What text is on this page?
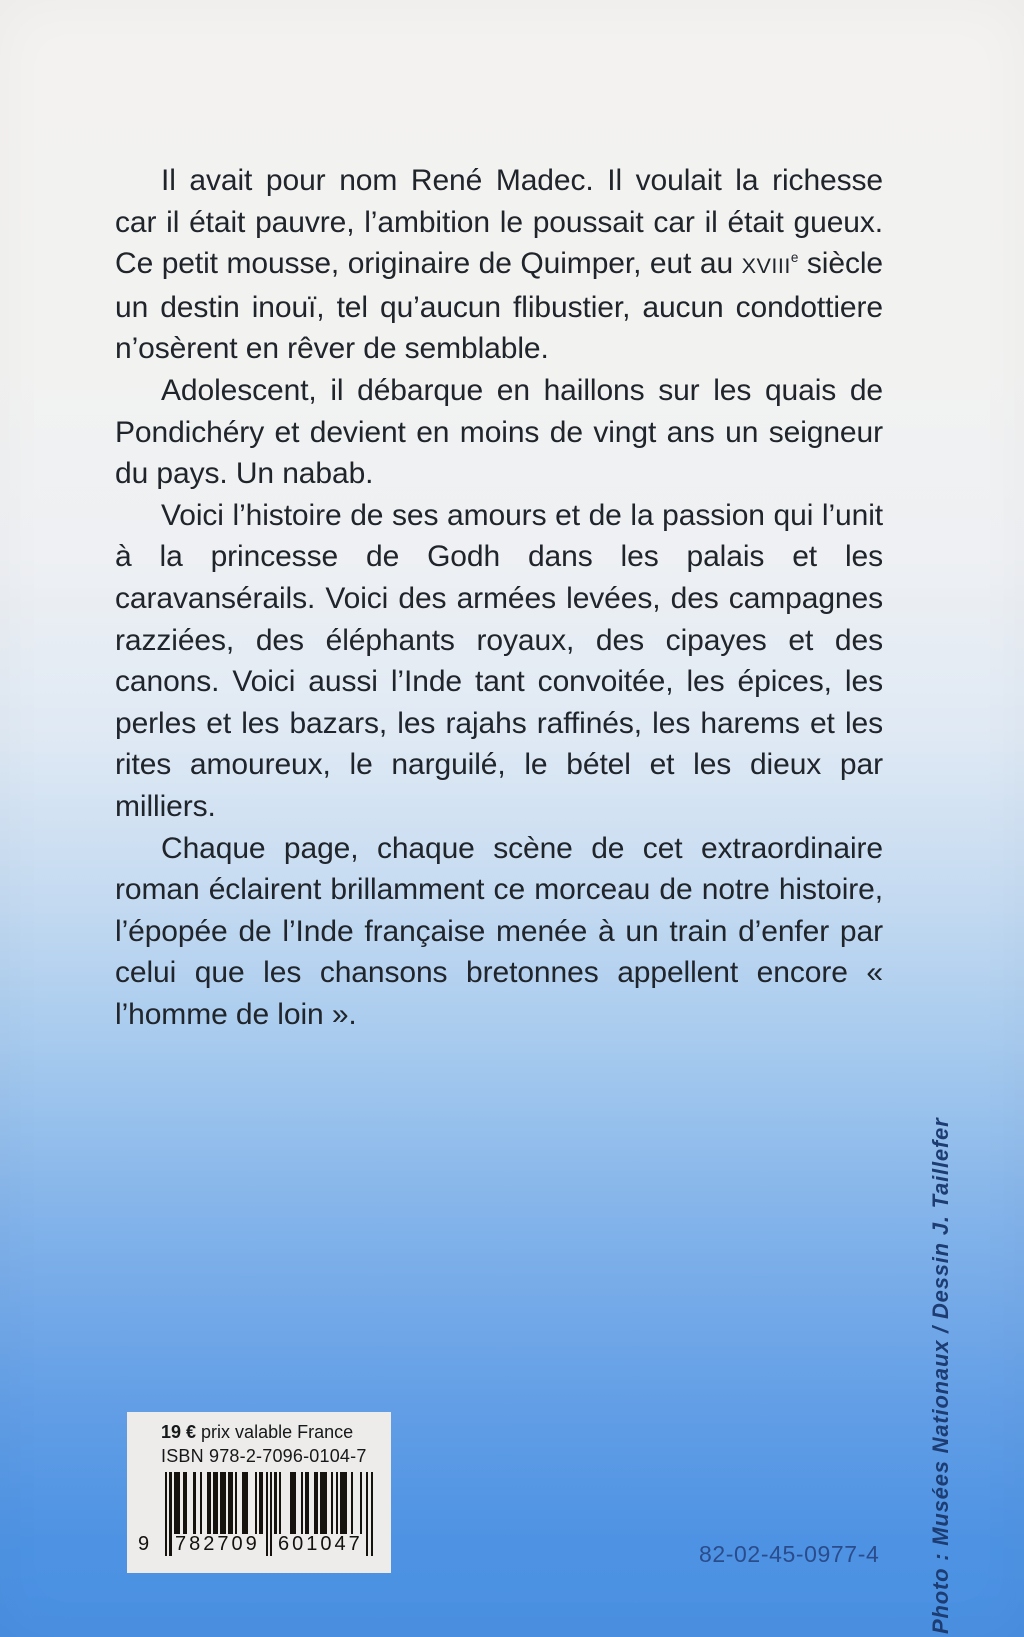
Il avait pour nom René Madec. Il voulait la richesse car il était pauvre, l’ambition le poussait car il était gueux. Ce petit mousse, originaire de Quimper, eut au XVIIIe siècle un destin inouï, tel qu’aucun flibustier, aucun condottiere n’osèrent en rêver de semblable.

Adolescent, il débarque en haillons sur les quais de Pondichéry et devient en moins de vingt ans un seigneur du pays. Un nabab.

Voici l’histoire de ses amours et de la passion qui l’unit à la princesse de Godh dans les palais et les caravansérails. Voici des armées levées, des campagnes razziées, des éléphants royaux, des cipayes et des canons. Voici aussi l’Inde tant convoitée, les épices, les perles et les bazars, les rajahs raffinés, les harems et les rites amoureux, le narguilé, le bétel et les dieux par milliers.

Chaque page, chaque scène de cet extraordinaire roman éclairent brillamment ce morceau de notre histoire, l’épopée de l’Inde française menée à un train d’enfer par celui que les chansons bretonnes appellent encore « l’homme de loin ».

19 € prix valable France
ISBN 978-2-7096-0104-7
9 782709 601047	82-02-45-0977-4 Photo : Musées Nationaux / Dessin J. Taillefer
